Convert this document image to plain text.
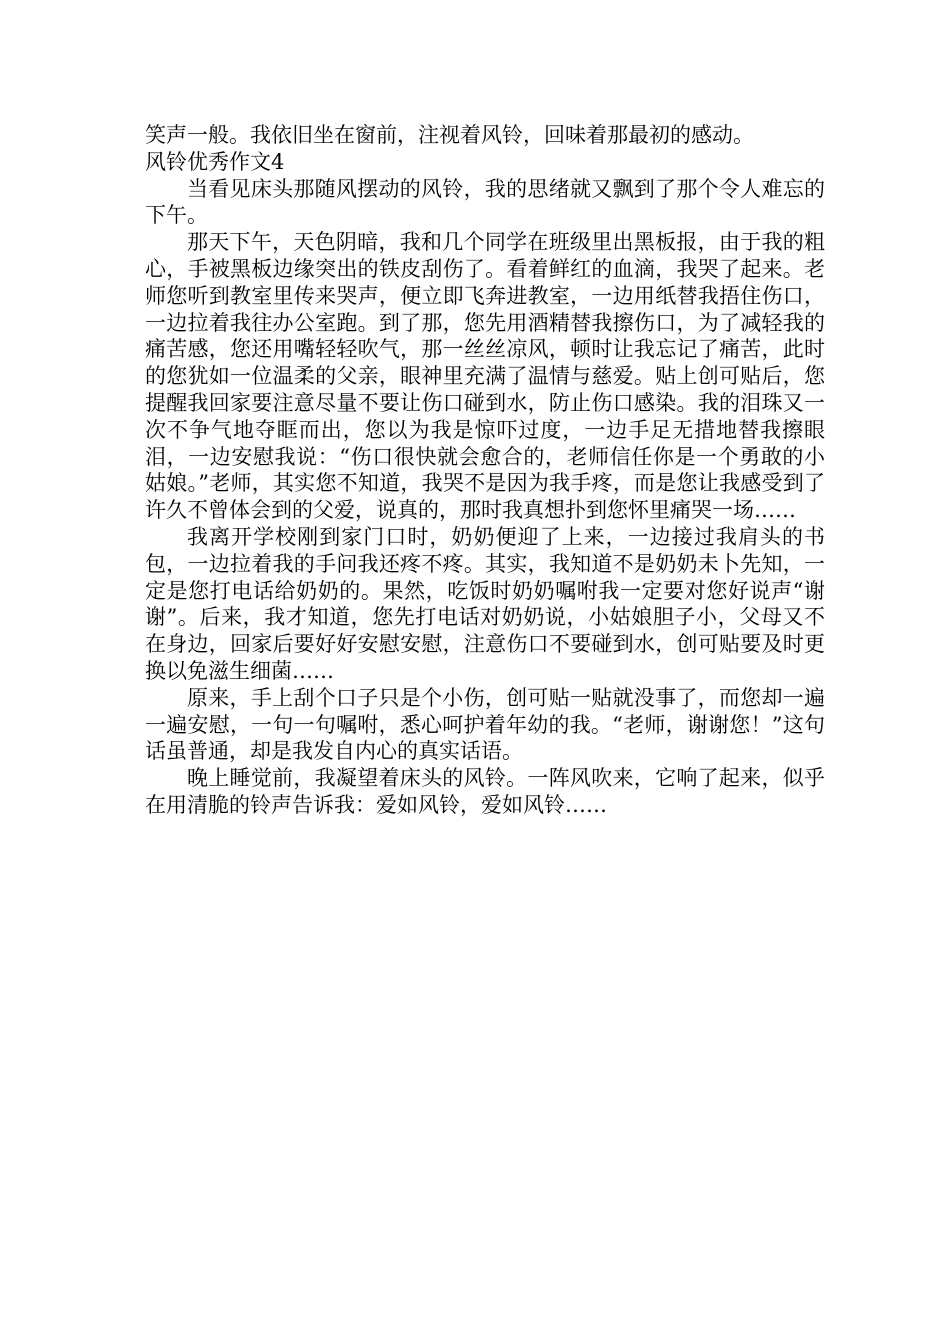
笑声一般。我依旧坐在窗前，注视着风铃，回味着那最初的感动。

风铃优秀作文4

当看见床头那随风摆动的风铃，我的思绪就又飘到了那个令人难忘的下午。

那天下午，天色阴暗，我和几个同学在班级里出黑板报，由于我的粗心，手被黑板边缘突出的铁皮刮伤了。看着鲜红的血滴，我哭了起来。老师您听到教室里传来哭声，便立即飞奔进教室，一边用纸替我捂住伤口，一边拉着我往办公室跑。到了那，您先用酒精替我擦伤口，为了减轻我的痛苦感，您还用嘴轻轻吹气，那一丝丝凉风，顿时让我忘记了痛苦，此时的您犹如一位温柔的父亲，眼神里充满了温情与慈爱。贴上创可贴后，您提醒我回家要注意尽量不要让伤口碰到水，防止伤口感染。我的泪珠又一次不争气地夺眶而出，您以为我是惊吓过度，一边手足无措地替我擦眼泪，一边安慰我说：“伤口很快就会愈合的，老师信任你是一个勇敢的小姑娘。”老师，其实您不知道，我哭不是因为我手疼，而是您让我感受到了许久不曾体会到的父爱，说真的，那时我真想扑到您怀里痛哭一场……

我离开学校刚到家门口时，奶奶便迎了上来，一边接过我肩头的书包，一边拉着我的手问我还疼不疼。其实，我知道不是奶奶未卜先知，一定是您打电话给奶奶的。果然，吃饭时奶奶嘱咐我一定要对您好说声“谢谢”。后来，我才知道，您先打电话对奶奶说，小姑娘胆子小，父母又不在身边，回家后要好好安慰安慰，注意伤口不要碰到水，创可贴要及时更换以免滋生细菌……

原来，手上刮个口子只是个小伤，创可贴一贴就没事了，而您却一遍一遍安慰，一句一句嘱咐，悉心呵护着年幼的我。“老师，谢谢您！”这句话虽普通，却是我发自内心的真实话语。

晚上睡觉前，我凝望着床头的风铃。一阵风吹来，它响了起来，似乎在用清脆的铃声告诉我：爱如风铃，爱如风铃……
